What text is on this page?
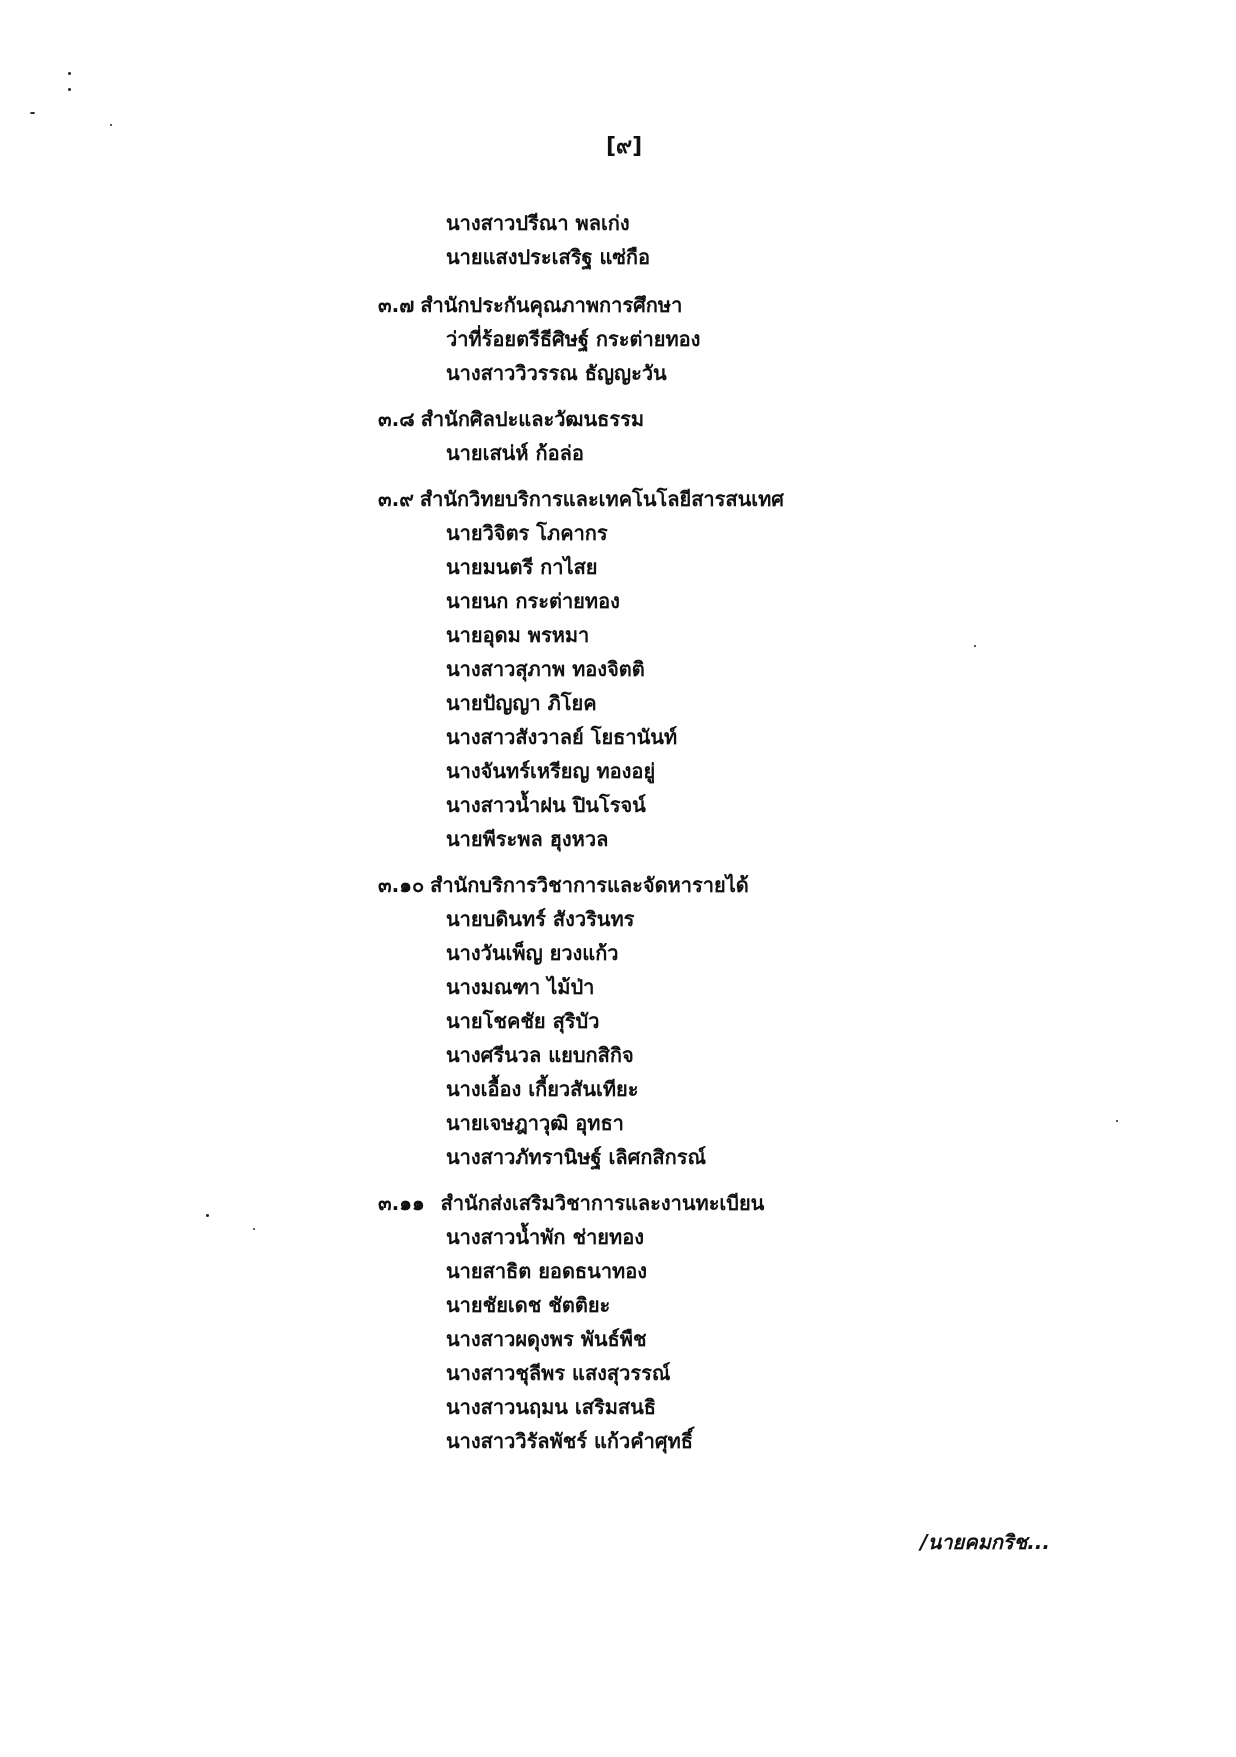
[๙]
นางสาวปรีณา พลเก่ง
นายแสงประเสริฐ แซ่กือ
๓.๗ สำนักประกันคุณภาพการศึกษา
ว่าที่ร้อยตรีธีศิษฐ์ กระต่ายทอง
นางสาววิวรรณ ธัญญะวัน
๓.๘ สำนักศิลปะและวัฒนธรรม
นายเสน่ห์ ก้อล่อ
๓.๙ สำนักวิทยบริการและเทคโนโลยีสารสนเทศ
นายวิจิตร โภคากร
นายมนตรี กาไสย
นายนก กระต่ายทอง
นายอุดม พรหมา
นางสาวสุภาพ ทองจิตติ
นายปัญญา ภิโยค
นางสาวสังวาลย์ โยธานันท์
นางจันทร์เหรียญ ทองอยู่
นางสาวน้ำฝน ปินโรจน์
นายพีระพล ฮุงหวล
๓.๑๐ สำนักบริการวิชาการและจัดหารายได้
นายบดินทร์ สังวรินทร
นางวันเพ็ญ ยวงแก้ว
นางมณฑา ไม้ป่า
นายโชคชัย สุริบัว
นางศรีนวล แยบกสิกิจ
นางเอื้อง เกี้ยวสันเทียะ
นายเจษฎาวุฒิ อุทธา
นางสาวภัทรานิษฐ์ เลิศกสิกรณ์
๓.๑๑ สำนักส่งเสริมวิชาการและงานทะเบียน
นางสาวน้ำพัก ช่ายทอง
นายสาธิต ยอดธนาทอง
นายชัยเดช ชัตติยะ
นางสาวผดุงพร พันธ์พืช
นางสาวชุลีพร แสงสุวรรณ์
นางสาวนฤมน เสริมสนธิ
นางสาววิรัลพัชร์ แก้วคำศุทธิ์
/นายคมกริช...
